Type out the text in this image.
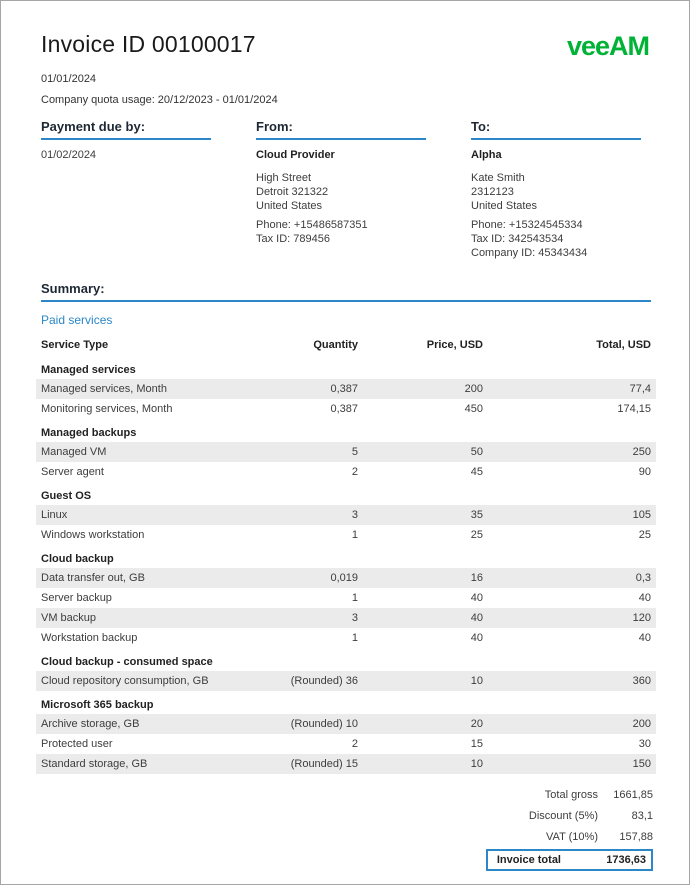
Invoice ID 00100017	veeAM
01/01/2024
Company quota usage: 20/12/2023 - 01/01/2024
Payment due by:
01/02/2024
From:
Cloud Provider
High Street
Detroit 321322
United States
Phone: +15486587351
Tax ID: 789456
To:
Alpha
Kate Smith
2312123
United States
Phone: +15324545334
Tax ID: 342543534
Company ID: 45343434
Summary:
Paid services
Service Type	Quantity	Price, USD	Total, USD
Managed services
Managed services, Month	0,387	200	77,4
Monitoring services, Month	0,387	450	174,15
Managed backups
Managed VM	5	50	250
Server agent	2	45	90
Guest OS
Linux	3	35	105
Windows workstation	1	25	25
Cloud backup
Data transfer out, GB	0,019	16	0,3
Server backup	1	40	40
VM backup	3	40	120
Workstation backup	1	40	40
Cloud backup - consumed space
Cloud repository consumption, GB	(Rounded) 36	10	360
Microsoft 365 backup
Archive storage, GB	(Rounded) 10	20	200
Protected user	2	15	30
Standard storage, GB	(Rounded) 15	10	150
Total gross	1661,85
Discount (5%)	83,1
VAT (10%)	157,88
Invoice total	1736,63
